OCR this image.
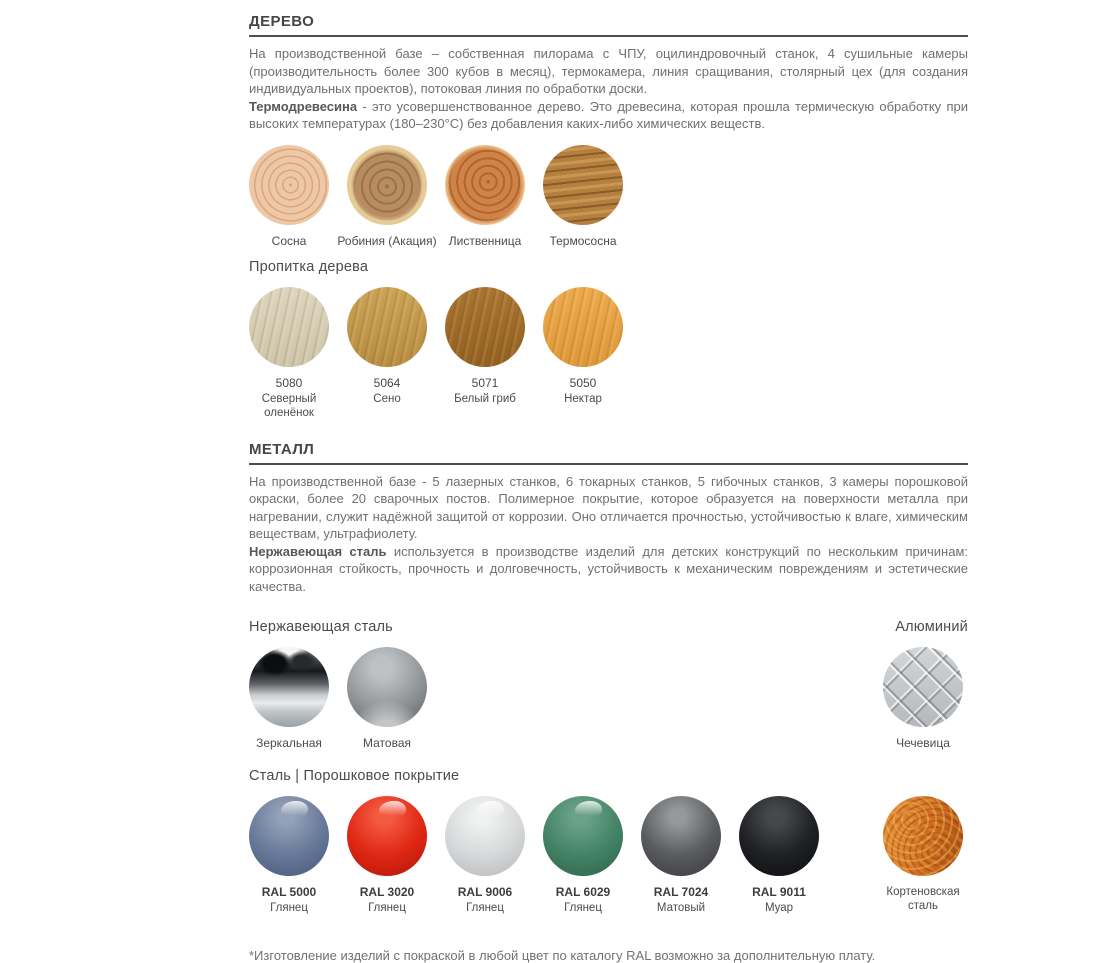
ДЕРЕВО

На производственной базе – собственная пилорама с ЧПУ, оцилиндровочный станок, 4 сушильные камеры (производительность более 300 кубов в месяц), термокамера, линия сращивания, столярный цех (для создания индивидуальных проектов), потоковая линия по обработки доски.

Термодревесина - это усовершенствованное дерево. Это древесина, которая прошла термическую обработку при высоких температурах (180–230°С) без добавления каких-либо химических веществ.

Сосна	Робиния (Акация) Лиственница Термососна
Пропитка дерева
5080
Северный оленёнок
5064
Сено
5071
Белый гриб
5050
Нектар
МЕТАЛЛ

На производственной базе - 5 лазерных станков, 6 токарных станков, 5 гибочных станков, 3 камеры порошковой окраски, более 20 сварочных постов. Полимерное покрытие, которое образуется на поверхности металла при нагревании, служит надёжной защитой от коррозии. Оно отличается прочностью, устойчивостью к влаге, химическим веществам, ультрафиолету.

Нержавеющая сталь используется в производстве изделий для детских конструкций по нескольким причинам: коррозионная стойкость, прочность и долговечность, устойчивость к механическим повреждениям и эстетические качества.

Нержавеющая сталь	Алюминий
Зеркальная	Матовая	Чечевица
Сталь | Порошковое покрытие
RAL 5000
Глянец
RAL 3020
Глянец
RAL 9006
Глянец
RAL 6029
Глянец
RAL 7024
Матовый
RAL 9011
Муар
Кортеновская сталь

*Изготовление изделий с покраской в любой цвет по каталогу RAL возможно за дополнительную плату.
